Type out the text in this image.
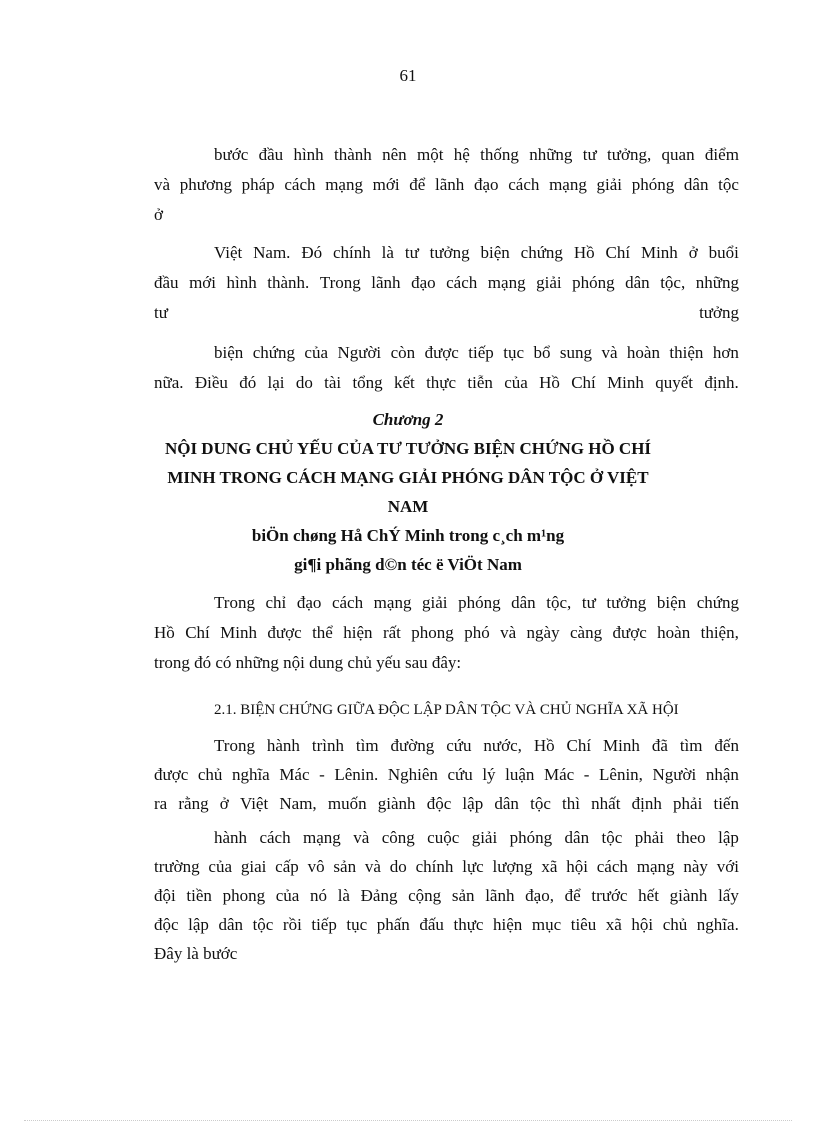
61
bước đầu hình thành nên một hệ thống những tư tưởng, quan điểm
và phương pháp cách mạng mới để lãnh đạo cách mạng giải phóng dân tộc
ở
Việt Nam. Đó chính là tư tưởng biện chứng Hồ Chí Minh ở buổi
đầu mới hình thành. Trong lãnh đạo cách mạng giải phóng dân tộc, những
tư	tưởng
biện chứng của Người còn được tiếp tục bổ sung và hoàn thiện hơn
nữa. Điều đó lại do tài tổng kết thực tiễn của Hồ Chí Minh quyết định.
Chương 2
NỘI DUNG CHỦ YẾU CỦA TƯ TƯỞNG BIỆN CHỨNG HỒ CHÍ
MINH TRONG CÁCH MẠNG GIẢI PHÓNG DÂN TỘC Ở VIỆT
NAM
biÖn chøng Hå ChÝ Minh trong c¸ch m¹ng
gi¶i phãng d©n téc ë ViÖt Nam
Trong chỉ đạo cách mạng giải phóng dân tộc, tư tưởng biện chứng
Hồ Chí Minh được thể hiện rất phong phó và ngày càng được hoàn thiện,
trong đó có những nội dung chủ yếu sau đây:
2.1. BIỆN CHỨNG GIỮA ĐỘC LẬP DÂN TỘC VÀ CHỦ NGHĨA XÃ HỘI
Trong hành trình tìm đường cứu nước, Hồ Chí Minh đã tìm đến
được chủ nghĩa Mác - Lênin. Nghiên cứu lý luận Mác - Lênin, Người nhận
ra rằng ở Việt Nam, muốn giành độc lập dân tộc thì nhất định phải tiến
hành cách mạng và công cuộc giải phóng dân tộc phải theo lập
trường của giai cấp vô sản và do chính lực lượng xã hội cách mạng này với
đội tiền phong của nó là Đảng cộng sản lãnh đạo, để trước hết giành lấy
độc lập dân tộc rồi tiếp tục phấn đấu thực hiện mục tiêu xã hội chủ nghĩa.
Đây là bước
